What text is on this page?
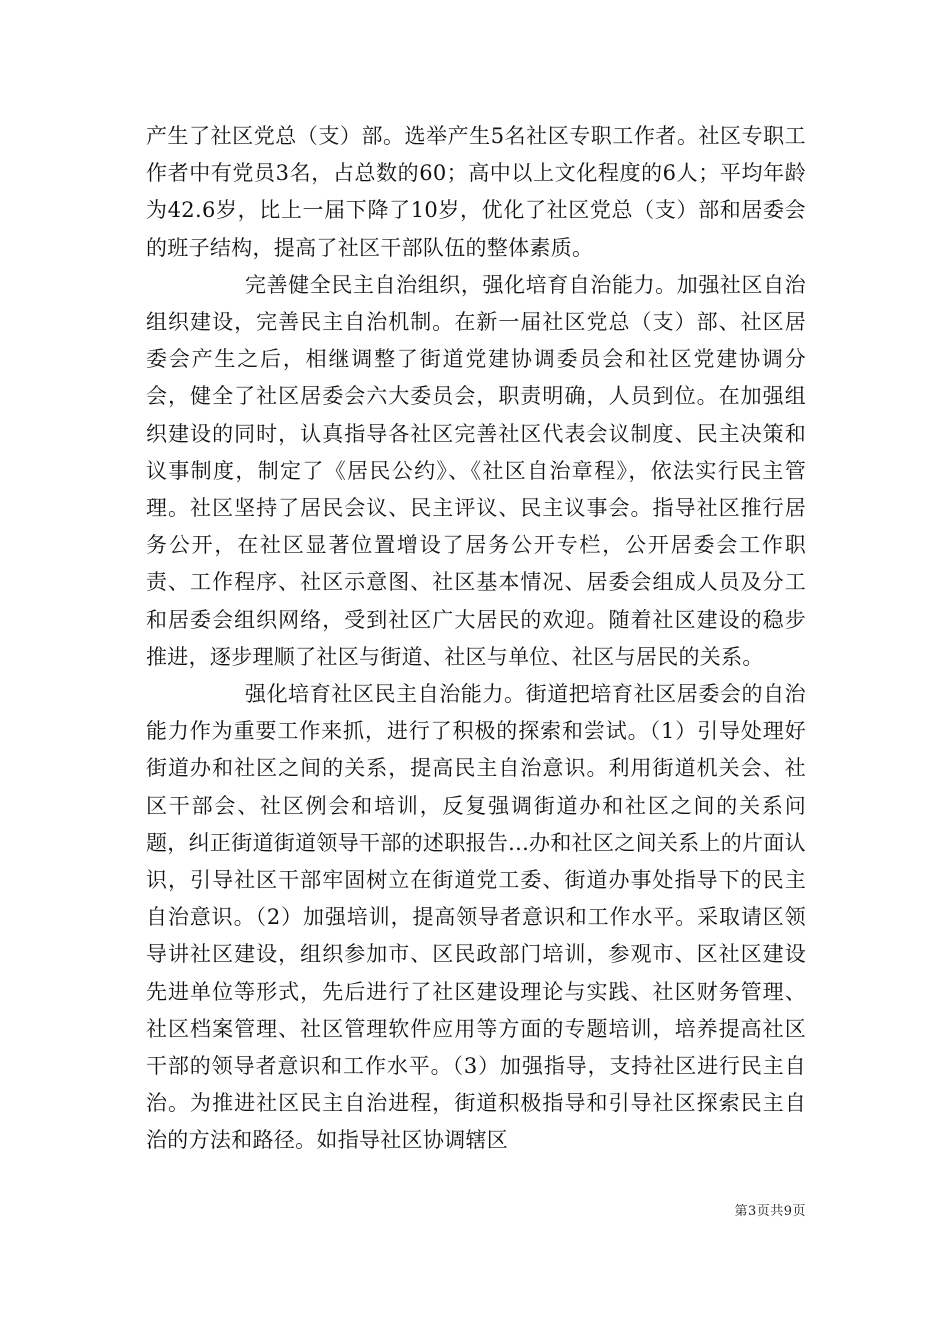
产生了社区党总（支）部。选举产生5名社区专职工作者。社区专职工作者中有党员3名，占总数的60；高中以上文化程度的6人；平均年龄为42.6岁，比上一届下降了10岁，优化了社区党总（支）部和居委会的班子结构，提高了社区干部队伍的整体素质。

完善健全民主自治组织，强化培育自治能力。加强社区自治组织建设，完善民主自治机制。在新一届社区党总（支）部、社区居委会产生之后，相继调整了街道党建协调委员会和社区党建协调分会，健全了社区居委会六大委员会，职责明确，人员到位。在加强组织建设的同时，认真指导各社区完善社区代表会议制度、民主决策和议事制度，制定了《居民公约》、《社区自治章程》，依法实行民主管理。社区坚持了居民会议、民主评议、民主议事会。指导社区推行居务公开，在社区显著位置增设了居务公开专栏，公开居委会工作职责、工作程序、社区示意图、社区基本情况、居委会组成人员及分工和居委会组织网络，受到社区广大居民的欢迎。随着社区建设的稳步推进，逐步理顺了社区与街道、社区与单位、社区与居民的关系。

强化培育社区民主自治能力。街道把培育社区居委会的自治能力作为重要工作来抓，进行了积极的探索和尝试。（1）引导处理好街道办和社区之间的关系，提高民主自治意识。利用街道机关会、社区干部会、社区例会和培训，反复强调街道办和社区之间的关系问题，纠正街道街道领导干部的述职报告...办和社区之间关系上的片面认识，引导社区干部牢固树立在街道党工委、街道办事处指导下的民主自治意识。（2）加强培训，提高领导者意识和工作水平。采取请区领导讲社区建设，组织参加市、区民政部门培训，参观市、区社区建设先进单位等形式，先后进行了社区建设理论与实践、社区财务管理、社区档案管理、社区管理软件应用等方面的专题培训，培养提高社区干部的领导者意识和工作水平。（3）加强指导，支持社区进行民主自治。为推进社区民主自治进程，街道积极指导和引导社区探索民主自治的方法和路径。如指导社区协调辖区

第3页共9页
